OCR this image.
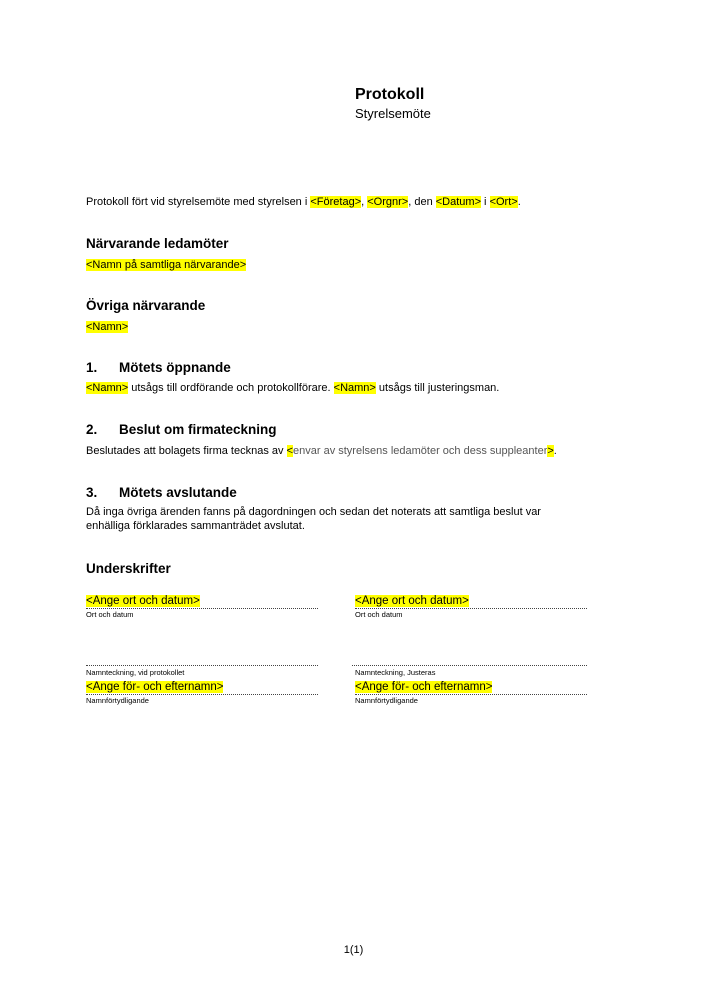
Protokoll
Styrelsemöte
Protokoll fört vid styrelsemöte med styrelsen i <Företag>, <Orgnr>, den <Datum> i <Ort>.
Närvarande ledamöter
<Namn på samtliga närvarande>
Övriga närvarande
<Namn>
1. Mötets öppnande
<Namn> utsågs till ordförande och protokollförare. <Namn> utsågs till justeringsman.
2. Beslut om firmateckning
Beslutades att bolagets firma tecknas av <envar av styrelsens ledamöter och dess suppleanter>.
3. Mötets avslutande
Då inga övriga ärenden fanns på dagordningen och sedan det noterats att samtliga beslut var
enhälliga förklarades sammanträdet avslutat.
Underskrifter
<Ange ort och datum>
Ort och datum
Namnteckning, vid protokollet
<Ange för- och efternamn>
Namnförtydligande
<Ange ort och datum>
Ort och datum
Namnteckning, Justeras
<Ange för- och efternamn>
Namnförtydligande
1(1)
